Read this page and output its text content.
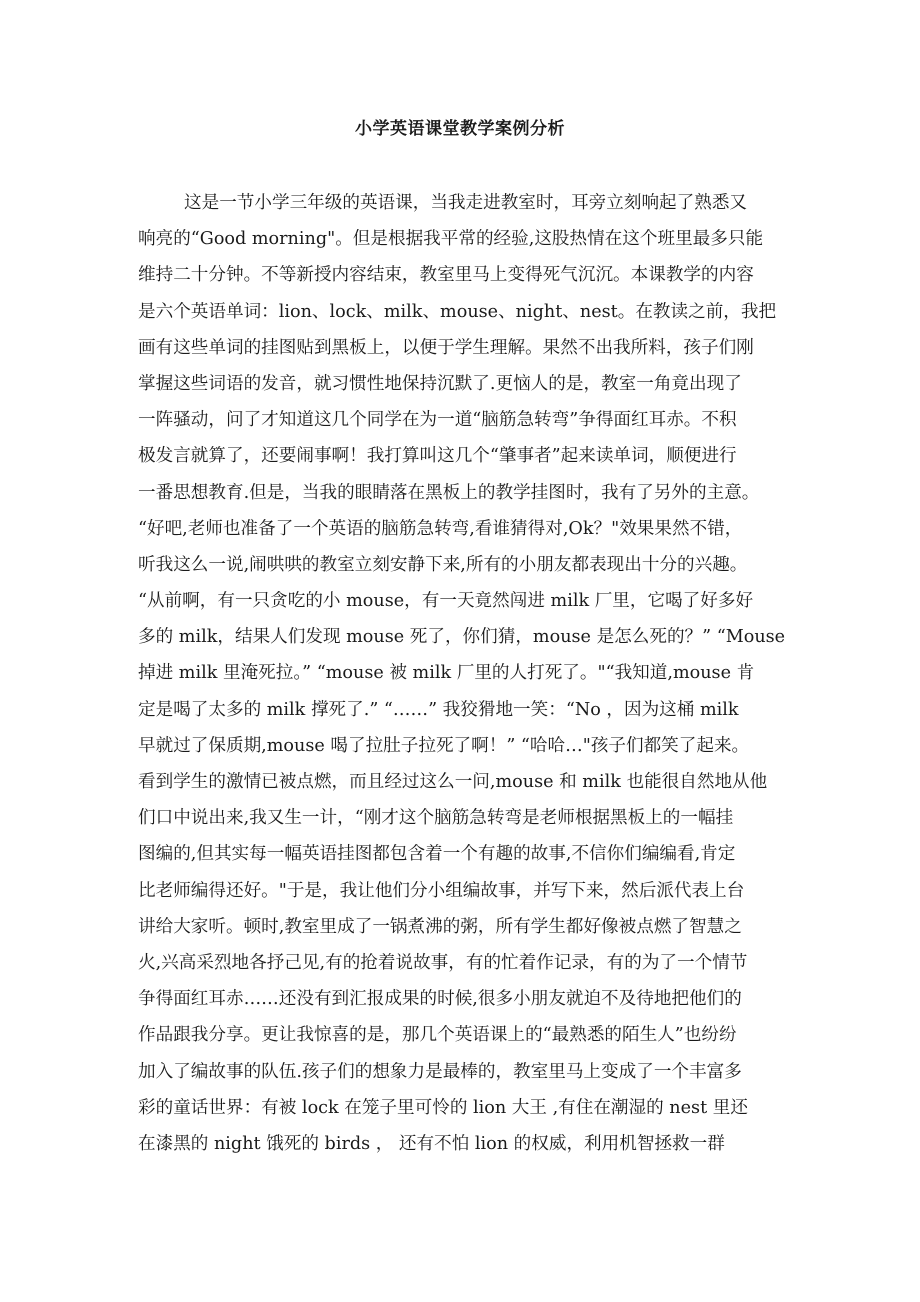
小学英语课堂教学案例分析
这是一节小学三年级的英语课，当我走进教室时，耳旁立刻响起了熟悉又
响亮的“Good morning"。但是根据我平常的经验,这股热情在这个班里最多只能
维持二十分钟。不等新授内容结束，教室里马上变得死气沉沉。本课教学的内容
是六个英语单词：lion、lock、milk、mouse、night、nest。在教读之前，我把
画有这些单词的挂图贴到黑板上，以便于学生理解。果然不出我所料，孩子们刚
掌握这些词语的发音，就习惯性地保持沉默了.更恼人的是，教室一角竟出现了
一阵骚动，问了才知道这几个同学在为一道“脑筋急转弯”争得面红耳赤。不积
极发言就算了，还要闹事啊！我打算叫这几个“肇事者”起来读单词，顺便进行
一番思想教育.但是，当我的眼睛落在黑板上的教学挂图时，我有了另外的主意。
“好吧,老师也准备了一个英语的脑筋急转弯,看谁猜得对,Ok？"效果果然不错，
听我这么一说,闹哄哄的教室立刻安静下来,所有的小朋友都表现出十分的兴趣。
“从前啊，有一只贪吃的小 mouse，有一天竟然闯进 milk 厂里，它喝了好多好
多的 milk，结果人们发现 mouse 死了，你们猜，mouse 是怎么死的？” “Mouse
掉进 milk 里淹死拉。” “mouse 被 milk 厂里的人打死了。"“我知道,mouse 肯
定是喝了太多的 milk 撑死了.” “……” 我狡猾地一笑：“No ，因为这桶 milk
早就过了保质期,mouse 喝了拉肚子拉死了啊！” “哈哈…"孩子们都笑了起来。
看到学生的激情已被点燃，而且经过这么一问,mouse 和 milk 也能很自然地从他
们口中说出来,我又生一计，“刚才这个脑筋急转弯是老师根据黑板上的一幅挂
图编的,但其实每一幅英语挂图都包含着一个有趣的故事,不信你们编编看,肯定
比老师编得还好。"于是，我让他们分小组编故事，并写下来，然后派代表上台
讲给大家听。顿时,教室里成了一锅煮沸的粥，所有学生都好像被点燃了智慧之
火,兴高采烈地各抒己见,有的抢着说故事，有的忙着作记录，有的为了一个情节
争得面红耳赤……还没有到汇报成果的时候,很多小朋友就迫不及待地把他们的
作品跟我分享。更让我惊喜的是，那几个英语课上的“最熟悉的陌生人”也纷纷
加入了编故事的队伍.孩子们的想象力是最棒的，教室里马上变成了一个丰富多
彩的童话世界：有被 lock 在笼子里可怜的 lion 大王 ,有住在潮湿的 nest 里还
在漆黑的 night 饿死的 birds ， 还有不怕 lion 的权威，利用机智拯救一群
